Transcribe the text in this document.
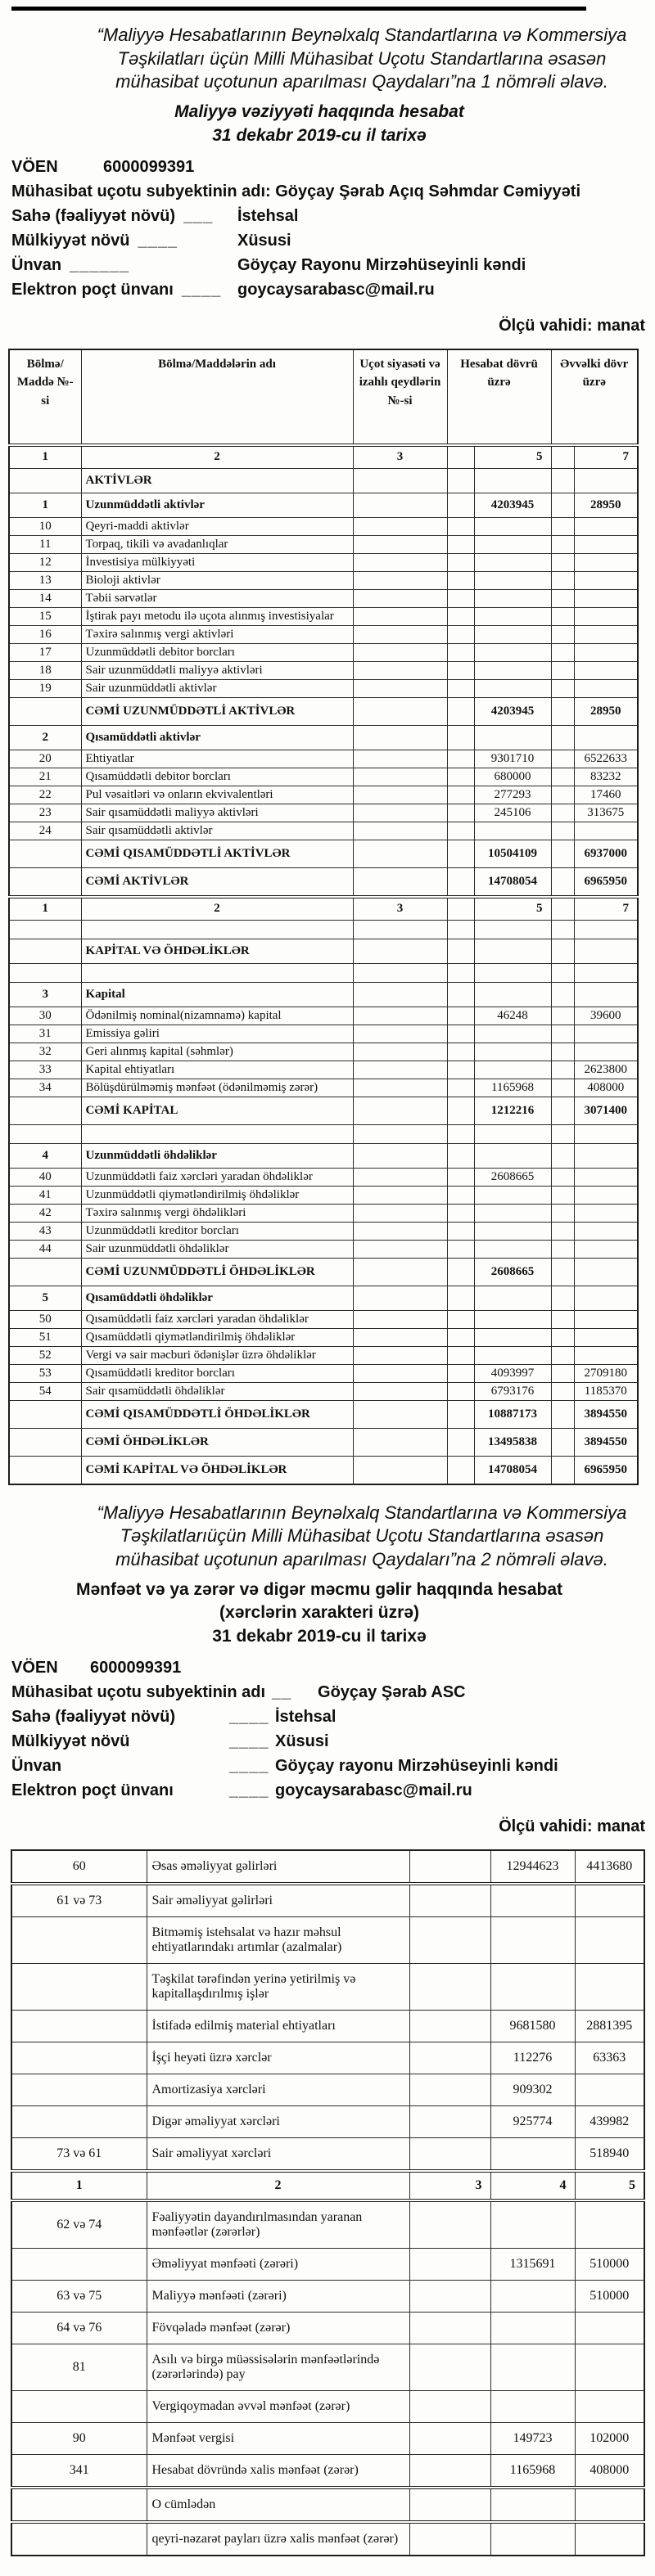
“Maliyyə Hesabatlarının Beynəlxalq Standartlarına və Kommersiya
Təşkilatları üçün Milli Mühasibat Uçotu Standartlarına əsasən
mühasibat uçotunun aparılması Qaydaları”na 1 nömrəli əlavə.
Maliyyə vəziyyəti haqqında hesabat
31 dekabr 2019-cu il tarixə
VÖEN	6000099391
Mühasibat uçotu subyektinin adı: Göyçay Şərab Açıq Səhmdar Cəmiyyəti
Sahə (fəaliyyət növü) ___ İstehsal
Mülkiyyət növü ____	Xüsusi
Ünvan ______	Göyçay Rayonu Mirzəhüseyinli kəndi
Elektron poçt ünvanı ____ goycaysarabasc@mail.ru
Ölçü vahidi: manat
Bölmə/ Maddə №-si	Bölmə/Maddələrin adı	Uçot siyasəti və izahlı qeydlərin №-si	Hesabat dövrü üzrə		Əvvəlki dövr üzrə	
1	2	3		5		7
	AKTİVLƏR					
1	Uzunmüddətli aktivlər			4203945		28950
10	Qeyri-maddi aktivlər					
11	Torpaq, tikili və avadanlıqlar					
12	İnvestisiya mülkiyyəti					
13	Bioloji aktivlər					
14	Təbii sərvətlər					
15	İştirak payı metodu ilə uçota alınmış investisiyalar					
16	Təxirə salınmış vergi aktivləri					
17	Uzunmüddətli debitor borcları					
18	Sair uzunmüddətli maliyyə aktivləri					
19	Sair uzunmüddətli aktivlər					
	CƏMİ UZUNMÜDDƏTLİ AKTİVLƏR			4203945		28950
2	Qısamüddətli aktivlər					
20	Ehtiyatlar			9301710		6522633
21	Qısamüddətli debitor borcları			680000		83232
22	Pul vəsaitləri və onların ekvivalentləri			277293		17460
23	Sair qısamüddətli maliyyə aktivləri			245106		313675
24	Sair qısamüddətli aktivlər					
	CƏMİ QISAMÜDDƏTLİ AKTİVLƏR			10504109		6937000
	CƏMİ AKTİVLƏR			14708054		6965950
1	2	3		5		7

	KAPİTAL VƏ ÖHDƏLİKLƏR					

3	Kapital					
30	Ödənilmiş nominal(nizamnamə) kapital			46248		39600
31	Emissiya gəliri					
32	Geri alınmış kapital (səhmlər)					
33	Kapital ehtiyatları					2623800
34	Bölüşdürülməmiş mənfəət (ödənilməmiş zərər)			1165968		408000
	CƏMİ KAPİTAL			1212216		3071400

4	Uzunmüddətli öhdəliklər					
40	Uzunmüddətli faiz xərcləri yaradan öhdəliklər			2608665		
41	Uzunmüddətli qiymətləndirilmiş öhdəliklər					
42	Təxirə salınmış vergi öhdəlikləri					
43	Uzunmüddətli kreditor borcları					
44	Sair uzunmüddətli öhdəliklər					
	CƏMİ UZUNMÜDDƏTLİ ÖHDƏLİKLƏR			2608665		
5	Qısamüddətli öhdəliklər					
50	Qısamüddətli faiz xərcləri yaradan öhdəliklər					
51	Qısamüddətli qiymətləndirilmiş öhdəliklər					
52	Vergi və sair məcburi ödənişlər üzrə öhdəliklər					
53	Qısamüddətli kreditor borcları			4093997		2709180
54	Sair qısamüddətli öhdəliklər			6793176		1185370
	CƏMİ QISAMÜDDƏTLİ ÖHDƏLİKLƏR			10887173		3894550
	CƏMİ ÖHDƏLİKLƏR			13495838		3894550
	CƏMİ KAPİTAL VƏ ÖHDƏLİKLƏR			14708054		6965950
“Maliyyə Hesabatlarının Beynəlxalq Standartlarına və Kommersiya
Təşkilatlarıüçün Milli Mühasibat Uçotu Standartlarına əsasən
mühasibat uçotunun aparılması Qaydaları”na 2 nömrəli əlavə.
Mənfəət və ya zərər və digər məcmu gəlir haqqında hesabat
(xərclərin xarakteri üzrə)
31 dekabr 2019-cu il tarixə
VÖEN 6000099391
Mühasibat uçotu subyektinin adı __ Göyçay Şərab ASC
Sahə (fəaliyyət növü)	____ İstehsal
Mülkiyyət növü	____ Xüsusi
Ünvan	____ Göyçay rayonu Mirzəhüseyinli kəndi
Elektron poçt ünvanı	____ goycaysarabasc@mail.ru
Ölçü vahidi: manat
60	Əsas əməliyyat gəlirləri		12944623	4413680
61 və 73	Sair əməliyyat gəlirləri			
	Bitməmiş istehsalat və hazır məhsul ehtiyatlarındakı artımlar (azalmalar)			
	Təşkilat tərəfindən yerinə yetirilmiş və kapitallaşdırılmış işlər			
	İstifadə edilmiş material ehtiyatları		9681580	2881395
	İşçi heyəti üzrə xərclər		112276	63363
	Amortizasiya xərcləri		909302	
	Digər əməliyyat xərcləri		925774	439982
73 və 61	Sair əməliyyat xərcləri			518940
1	2	3	4	5
62 və 74	Fəaliyyətin dayandırılmasından yaranan mənfəətlər (zərərlər)			
	Əməliyyat mənfəəti (zərəri)		1315691	510000
63 və 75	Maliyyə mənfəəti (zərəri)			510000
64 və 76	Fövqəladə mənfəət (zərər)			
81	Asılı və birgə müəssisələrin mənfəətlərində (zərərlərində) pay			
	Vergiqoymadan əvvəl mənfəət (zərər)			
90	Mənfəət vergisi		149723	102000
341	Hesabat dövründə xalis mənfəət (zərər)		1165968	408000
	O cümlədən			
	qeyri-nəzarət payları üzrə xalis mənfəət (zərər)			
